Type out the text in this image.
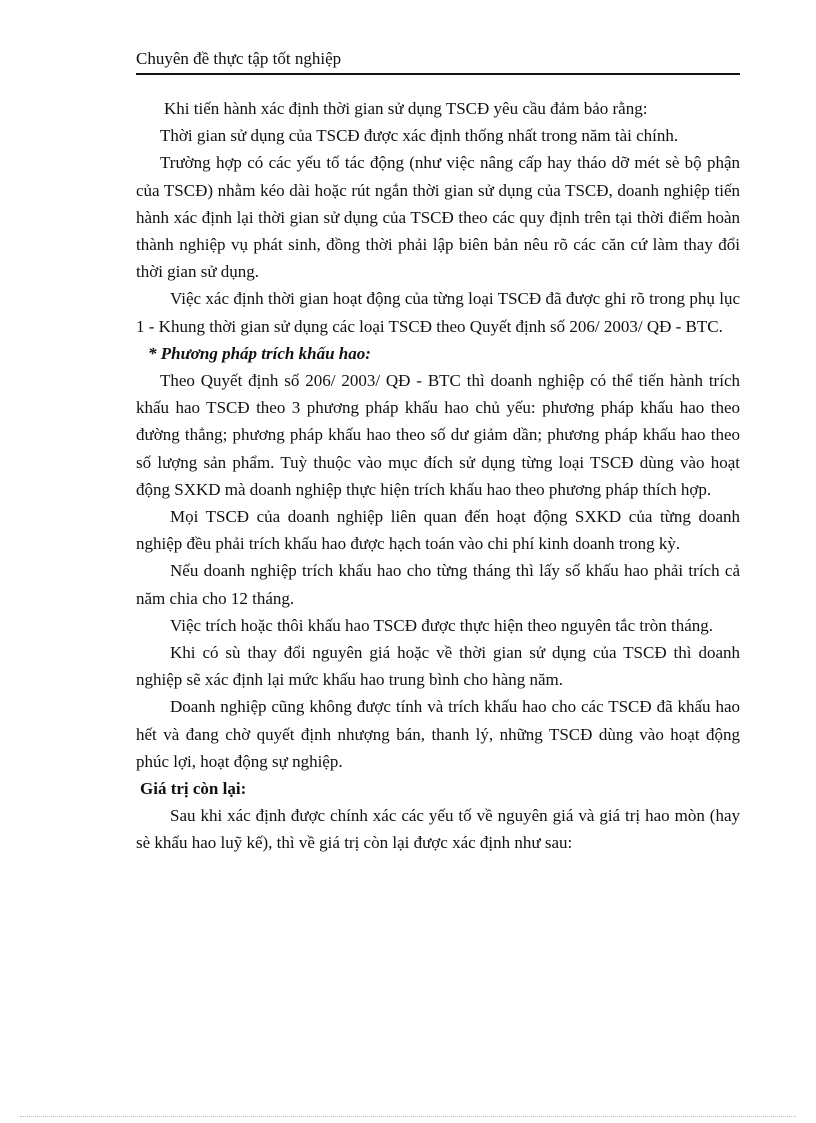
Chuyên đề thực tập tốt nghiệp

Khi tiến hành xác định thời gian sử dụng TSCĐ yêu cầu đảm bảo rằng:

Thời gian sử dụng của TSCĐ được xác định thống nhất trong năm tài chính.

Trường hợp có các yếu tố tác động (như việc nâng cấp hay tháo dỡ mét sè bộ phận của TSCĐ) nhằm kéo dài hoặc rút ngắn thời gian sử dụng của TSCĐ, doanh nghiệp tiến hành xác định lại thời gian sử dụng của TSCĐ theo các quy định trên tại thời điểm hoàn thành nghiệp vụ phát sinh, đồng thời phải lập biên bản nêu rõ các căn cứ làm thay đổi thời gian sử dụng.

Việc xác định thời gian hoạt động của từng loại TSCĐ đã được ghi rõ trong phụ lục 1 - Khung thời gian sử dụng các loại TSCĐ theo Quyết định số 206/ 2003/ QĐ - BTC.

* Phương pháp trích khấu hao:

Theo Quyết định số 206/ 2003/ QĐ - BTC thì doanh nghiệp có thể tiến hành trích khấu hao TSCĐ theo 3 phương pháp khấu hao chủ yếu: phương pháp khấu hao theo đường thẳng; phương pháp khấu hao theo số dư giảm dần; phương pháp khấu hao theo số lượng sản phẩm. Tuỳ thuộc vào mục đích sử dụng từng loại TSCĐ dùng vào hoạt động SXKD mà doanh nghiệp thực hiện trích khấu hao theo phương pháp thích hợp.

Mọi TSCĐ của doanh nghiệp liên quan đến hoạt động SXKD của từng doanh nghiệp đều phải trích khấu hao được hạch toán vào chi phí kinh doanh trong kỳ.

Nếu doanh nghiệp trích khấu hao cho từng tháng thì lấy số khấu hao phải trích cả năm chia cho 12 tháng.

Việc trích hoặc thôi khấu hao TSCĐ được thực hiện theo nguyên tắc tròn tháng.

Khi có sù thay đổi nguyên giá hoặc về thời gian sử dụng của TSCĐ thì doanh nghiệp sẽ xác định lại mức khấu hao trung bình cho hàng năm.

Doanh nghiệp cũng không được tính và trích khấu hao cho các TSCĐ đã khấu hao hết và đang chờ quyết định nhượng bán, thanh lý, những TSCĐ dùng vào hoạt động phúc lợi, hoạt động sự nghiệp.

Giá trị còn lại:

Sau khi xác định được chính xác các yếu tố về nguyên giá và giá trị hao mòn (hay sè khấu hao luỹ kế), thì về giá trị còn lại được xác định như sau:
